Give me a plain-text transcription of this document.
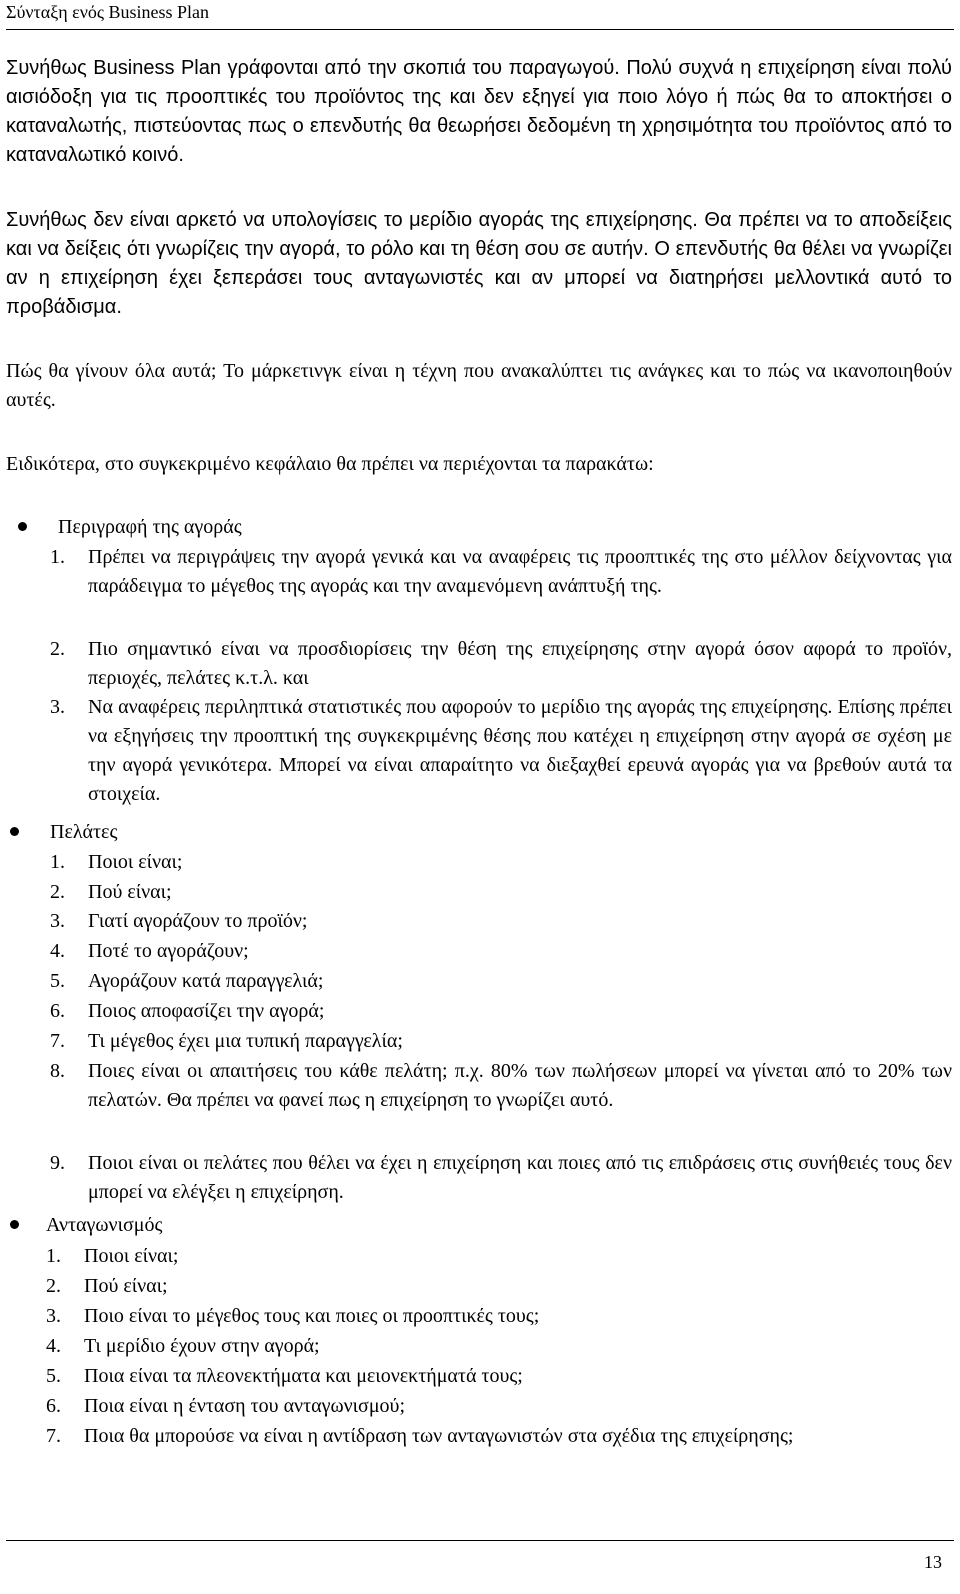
Σύνταξη ενός Business Plan

Συνήθως Business Plan γράφονται από την σκοπιά του παραγωγού. Πολύ συχνά η επιχείρηση είναι πολύ αισιόδοξη για τις προοπτικές του προϊόντος της και δεν εξηγεί για ποιο λόγο ή πώς θα το αποκτήσει ο καταναλωτής, πιστεύοντας πως ο επενδυτής θα θεωρήσει δεδομένη τη χρησιμότητα του προϊόντος από το καταναλωτικό κοινό.

Συνήθως δεν είναι αρκετό να υπολογίσεις το μερίδιο αγοράς της επιχείρησης. Θα πρέπει να το αποδείξεις και να δείξεις ότι γνωρίζεις την αγορά, το ρόλο και τη θέση σου σε αυτήν. Ο επενδυτής θα θέλει να γνωρίζει αν η επιχείρηση έχει ξεπεράσει τους ανταγωνιστές και αν μπορεί να διατηρήσει μελλοντικά αυτό το προβάδισμα.

Πώς θα γίνουν όλα αυτά; Το μάρκετινγκ είναι η τέχνη που ανακαλύπτει τις ανάγκες και το πώς να ικανοποιηθούν αυτές.

Ειδικότερα, στο συγκεκριμένο κεφάλαιο θα πρέπει να περιέχονται τα παρακάτω:

Περιγραφή της αγοράς
1. Πρέπει να περιγράψεις την αγορά γενικά και να αναφέρεις τις προοπτικές της στο μέλλον δείχνοντας για παράδειγμα το μέγεθος της αγοράς και την αναμενόμενη ανάπτυξή της.

2. Πιο σημαντικό είναι να προσδιορίσεις την θέση της επιχείρησης στην αγορά όσον αφορά το προϊόν, περιοχές, πελάτες κ.τ.λ. και

3. Να αναφέρεις περιληπτικά στατιστικές που αφορούν το μερίδιο της αγοράς της επιχείρησης. Επίσης πρέπει να εξηγήσεις την προοπτική της συγκεκριμένης θέσης που κατέχει η επιχείρηση στην αγορά σε σχέση με την αγορά γενικότερα. Μπορεί να είναι απαραίτητο να διεξαχθεί ερευνά αγοράς για να βρεθούν αυτά τα στοιχεία.

Πελάτες
1. Ποιοι είναι;

2. Πού είναι;

3. Γιατί αγοράζουν το προϊόν;

4. Ποτέ το αγοράζουν;

5. Αγοράζουν κατά παραγγελιά;

6. Ποιος αποφασίζει την αγορά;

7. Τι μέγεθος έχει μια τυπική παραγγελία;

8. Ποιες είναι οι απαιτήσεις του κάθε πελάτη; π.χ. 80% των πωλήσεων μπορεί να γίνεται από το 20% των πελατών. Θα πρέπει να φανεί πως η επιχείρηση το γνωρίζει αυτό.

9. Ποιοι είναι οι πελάτες που θέλει να έχει η επιχείρηση και ποιες από τις επιδράσεις στις συνήθειές τους δεν μπορεί να ελέγξει η επιχείρηση.

Ανταγωνισμός
1. Ποιοι είναι;

2. Πού είναι;

3. Ποιο είναι το μέγεθος τους και ποιες οι προοπτικές τους;

4. Τι μερίδιο έχουν στην αγορά;

5. Ποια είναι τα πλεονεκτήματα και μειονεκτήματά τους;

6. Ποια είναι η ένταση του ανταγωνισμού;

7. Ποια θα μπορούσε να είναι η αντίδραση των ανταγωνιστών στα σχέδια της επιχείρησης;

13
